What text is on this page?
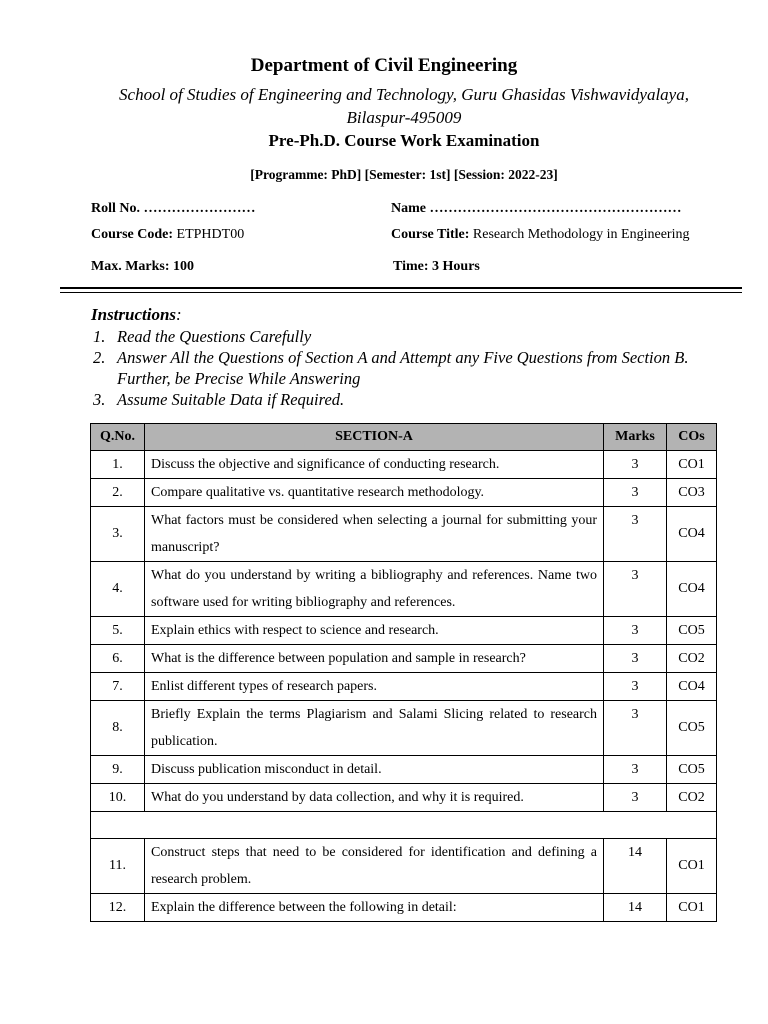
Department of Civil Engineering
School of Studies of Engineering and Technology, Guru Ghasidas Vishwavidyalaya,
Bilaspur-495009
Pre-Ph.D. Course Work Examination
[Programme: PhD] [Semester: 1st] [Session: 2022-23]
Roll No. ……………………	Name ………………………………………………
Course Code: ETPHDT00	Course Title: Research Methodology in Engineering
Max. Marks: 100	Time: 3 Hours
Instructions:
1. Read the Questions Carefully
2. Answer All the Questions of Section A and Attempt any Five Questions from Section B. Further, be Precise While Answering
3. Assume Suitable Data if Required.
Q.No.	SECTION-A	Marks	COs
1.	Discuss the objective and significance of conducting research.	3	CO1
2.	Compare qualitative vs. quantitative research methodology.	3	CO3
3.	What factors must be considered when selecting a journal for submitting your manuscript?	3	CO4
4.	What do you understand by writing a bibliography and references. Name two software used for writing bibliography and references.	3	CO4
5.	Explain ethics with respect to science and research.	3	CO5
6.	What is the difference between population and sample in research?	3	CO2
7.	Enlist different types of research papers.	3	CO4
8.	Briefly Explain the terms Plagiarism and Salami Slicing related to research publication.	3	CO5
9.	Discuss publication misconduct in detail.	3	CO5
10.	What do you understand by data collection, and why it is required.	3	CO2

11.	Construct steps that need to be considered for identification and defining a research problem.	14	CO1
12.	Explain the difference between the following in detail:	14	CO1
